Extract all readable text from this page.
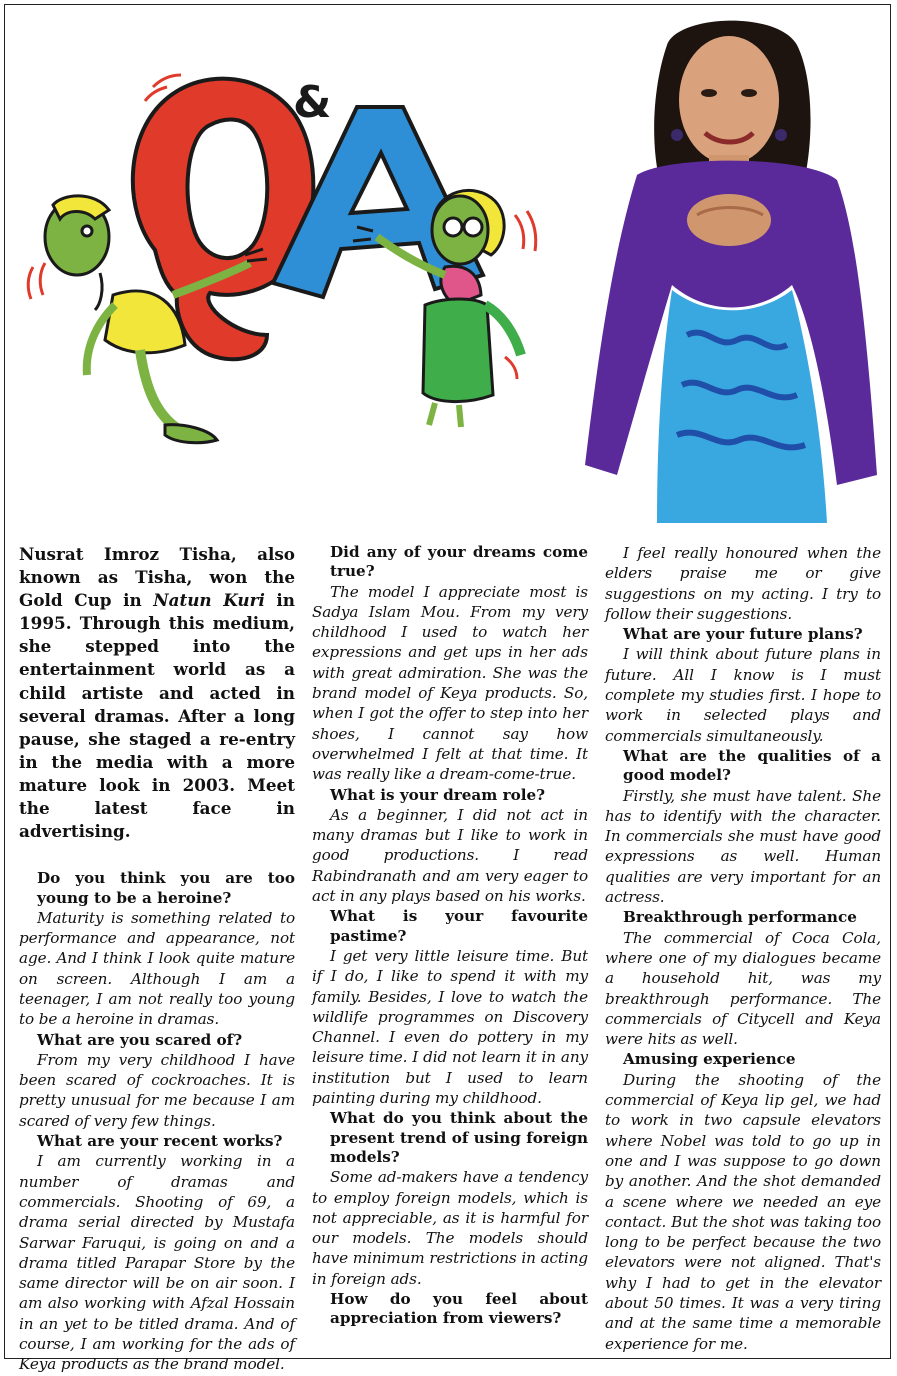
&

Nusrat Imroz Tisha, also known as Tisha, won the Gold Cup in Natun Kuri in 1995. Through this medium, she stepped into the entertainment world as a child artiste and acted in several dramas. After a long pause, she staged a re-entry in the media with a more mature look in 2003. Meet the latest face in advertising.

Do you think you are too young to be a heroine?

Maturity is something related to performance and appearance, not age. And I think I look quite mature on screen. Although I am a teenager, I am not really too young to be a heroine in dramas.

What are you scared of?

From my very childhood I have been scared of cockroaches. It is pretty unusual for me because I am scared of very few things.

What are your recent works?

I am currently working in a number of dramas and commercials. Shooting of 69, a drama serial directed by Mustafa Sarwar Faruqui, is going on and a drama titled Parapar Store by the same director will be on air soon. I am also working with Afzal Hossain in an yet to be titled drama. And of course, I am working for the ads of Keya products as the brand model.

Did any of your dreams come true?

The model I appreciate most is Sadya Islam Mou. From my very childhood I used to watch her expressions and get ups in her ads with great admiration. She was the brand model of Keya products. So, when I got the offer to step into her shoes, I cannot say how overwhelmed I felt at that time. It was really like a dream-come-true.

What is your dream role?

As a beginner, I did not act in many dramas but I like to work in good productions. I read Rabindranath and am very eager to act in any plays based on his works.

What is your favourite pastime?

I get very little leisure time. But if I do, I like to spend it with my family. Besides, I love to watch the wildlife programmes on Discovery Channel. I even do pottery in my leisure time. I did not learn it in any institution but I used to learn painting during my childhood.

What do you think about the present trend of using foreign models?

Some ad-makers have a tendency to employ foreign models, which is not appreciable, as it is harmful for our models. The models should have minimum restrictions in acting in foreign ads.

How do you feel about appreciation from viewers?

I feel really honoured when the elders praise me or give suggestions on my acting. I try to follow their suggestions.

What are your future plans?

I will think about future plans in future. All I know is I must complete my studies first. I hope to work in selected plays and commercials simultaneously.

What are the qualities of a good model?

Firstly, she must have talent. She has to identify with the character. In commercials she must have good expressions as well. Human qualities are very important for an actress.

Breakthrough performance

The commercial of Coca Cola, where one of my dialogues became a household hit, was my breakthrough performance. The commercials of Citycell and Keya were hits as well.

Amusing experience

During the shooting of the commercial of Keya lip gel, we had to work in two capsule elevators where Nobel was told to go up in one and I was suppose to go down by another. And the shot demanded a scene where we needed an eye contact. But the shot was taking too long to be perfect because the two elevators were not aligned. That's why I had to get in the elevator about 50 times. It was a very tiring and at the same time a memorable experience for me.
